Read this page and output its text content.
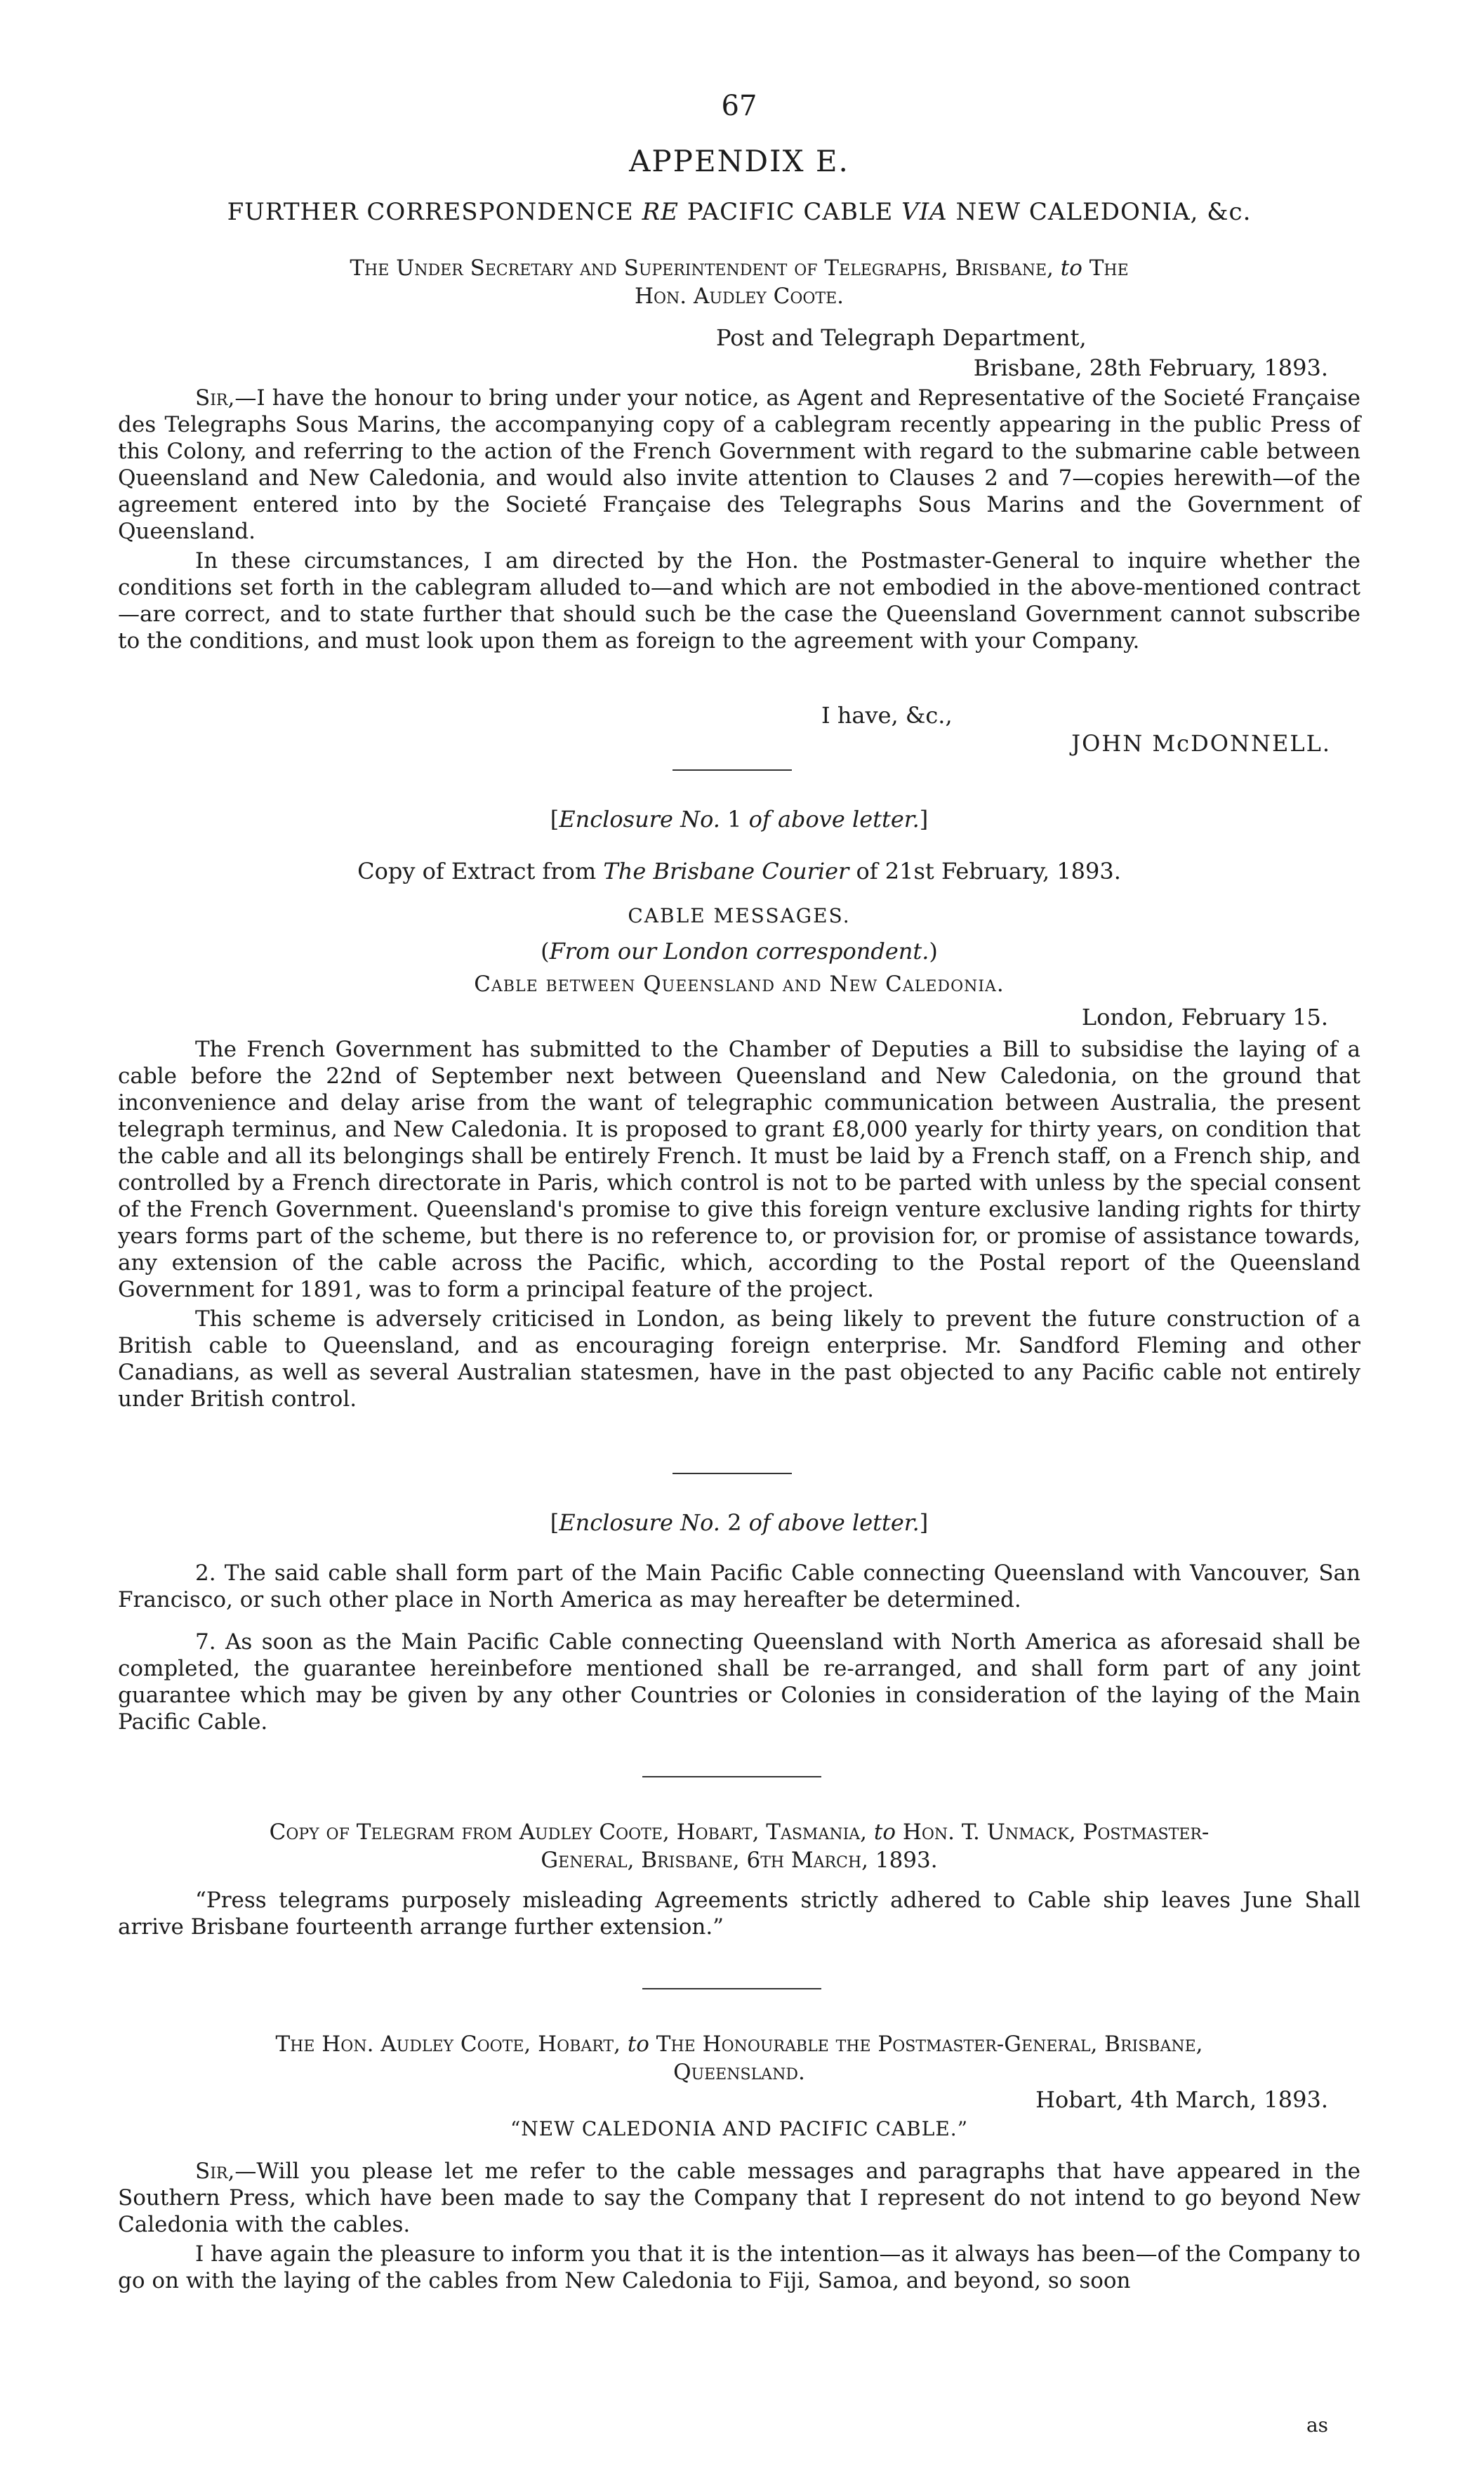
67
APPENDIX E.
FURTHER CORRESPONDENCE RE PACIFIC CABLE VIA NEW CALEDONIA, &c.
The Under Secretary and Superintendent of Telegraphs, Brisbane, to The
Hon. Audley Coote.
Post and Telegraph Department,
Brisbane, 28th February, 1893.

Sir,—I have the honour to bring under your notice, as Agent and Representative of the Societé Française des Telegraphs Sous Marins, the accompanying copy of a cablegram recently appearing in the public Press of this Colony, and referring to the action of the French Government with regard to the submarine cable between Queensland and New Caledonia, and would also invite attention to Clauses 2 and 7—copies herewith—of the agreement entered into by the Societé Française des Telegraphs Sous Marins and the Government of Queensland.

In these circumstances, I am directed by the Hon. the Postmaster-General to inquire whether the conditions set forth in the cablegram alluded to—and which are not embodied in the above-mentioned contract—are correct, and to state further that should such be the case the Queensland Government cannot subscribe to the conditions, and must look upon them as foreign to the agreement with your Company.

I have, &c.,
JOHN McDONNELL.
[Enclosure No. 1 of above letter.]
Copy of Extract from The Brisbane Courier of 21st February, 1893.
CABLE MESSAGES.
(From our London correspondent.)
Cable between Queensland and New Caledonia.
London, February 15.

The French Government has submitted to the Chamber of Deputies a Bill to subsidise the laying of a cable before the 22nd of September next between Queensland and New Caledonia, on the ground that inconvenience and delay arise from the want of telegraphic communication between Australia, the present telegraph terminus, and New Caledonia. It is proposed to grant £8,000 yearly for thirty years, on condition that the cable and all its belongings shall be entirely French. It must be laid by a French staff, on a French ship, and controlled by a French directorate in Paris, which control is not to be parted with unless by the special consent of the French Government. Queensland's promise to give this foreign venture exclusive landing rights for thirty years forms part of the scheme, but there is no reference to, or provision for, or promise of assistance towards, any extension of the cable across the Pacific, which, according to the Postal report of the Queensland Government for 1891, was to form a principal feature of the project.

This scheme is adversely criticised in London, as being likely to prevent the future construction of a British cable to Queensland, and as encouraging foreign enterprise. Mr. Sandford Fleming and other Canadians, as well as several Australian statesmen, have in the past objected to any Pacific cable not entirely under British control.

[Enclosure No. 2 of above letter.]

2. The said cable shall form part of the Main Pacific Cable connecting Queensland with Vancouver, San Francisco, or such other place in North America as may hereafter be determined.

7. As soon as the Main Pacific Cable connecting Queensland with North America as aforesaid shall be completed, the guarantee hereinbefore mentioned shall be re-arranged, and shall form part of any joint guarantee which may be given by any other Countries or Colonies in consideration of the laying of the Main Pacific Cable.

Copy of Telegram from Audley Coote, Hobart, Tasmania, to Hon. T. Unmack, Postmaster-
General, Brisbane, 6th March, 1893.

“Press telegrams purposely misleading Agreements strictly adhered to Cable ship leaves June Shall arrive Brisbane fourteenth arrange further extension.”

The Hon. Audley Coote, Hobart, to The Honourable the Postmaster-General, Brisbane,
Queensland.
Hobart, 4th March, 1893.
“NEW CALEDONIA AND PACIFIC CABLE.”

Sir,—Will you please let me refer to the cable messages and paragraphs that have appeared in the Southern Press, which have been made to say the Company that I represent do not intend to go beyond New Caledonia with the cables.

I have again the pleasure to inform you that it is the intention—as it always has been—of the Company to go on with the laying of the cables from New Caledonia to Fiji, Samoa, and beyond, so soon

as
